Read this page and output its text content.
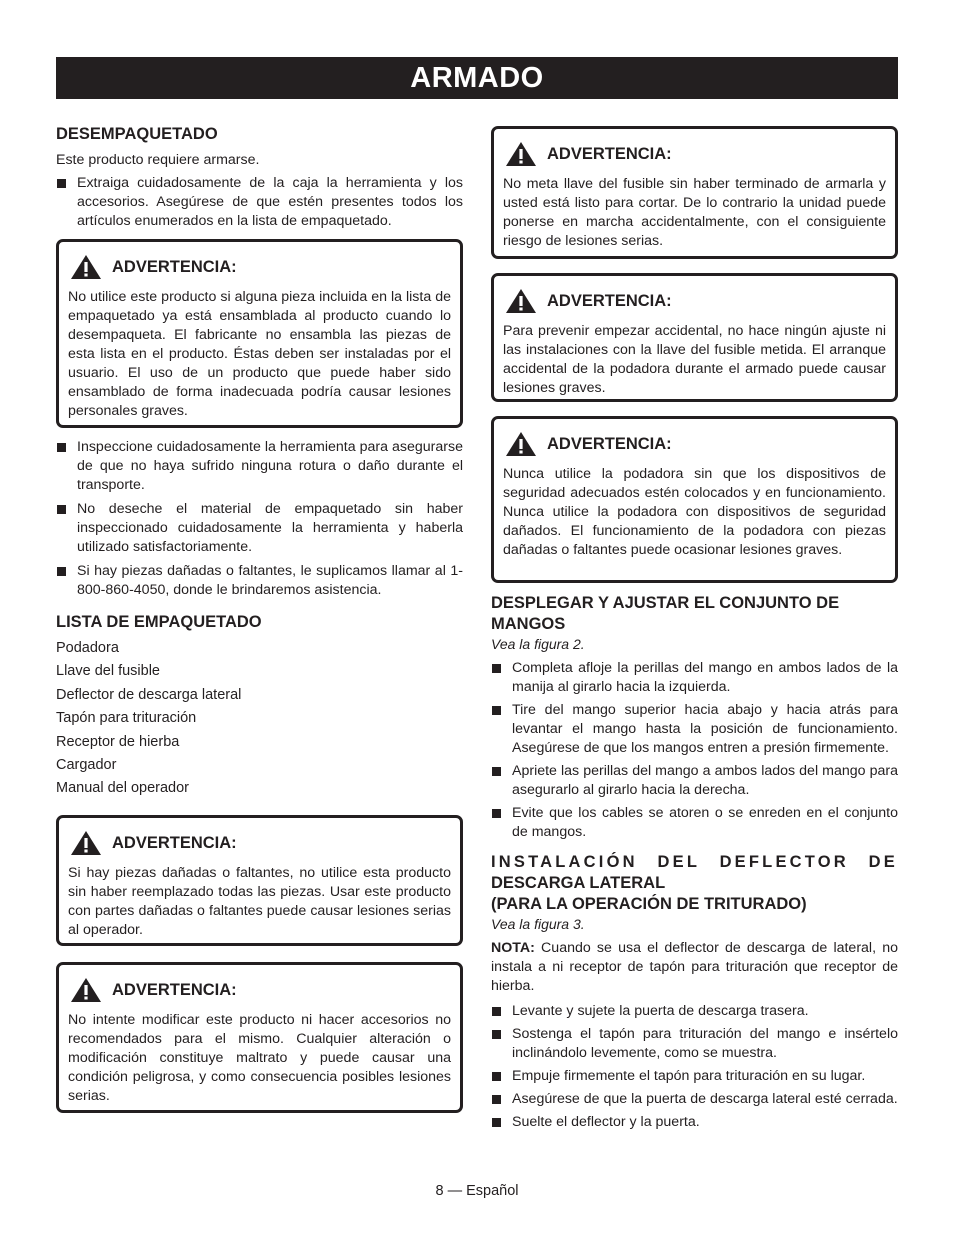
ARMADO
DESEMPAQUETADO

Este producto requiere armarse.

Extraiga cuidadosamente de la caja la herramienta y los accesorios. Asegúrese de que estén presentes todos los artículos enumerados en la lista de empaquetado.
ADVERTENCIA:

No utilice este producto si alguna pieza incluida en la lista de empaquetado ya está ensamblada al producto cuando lo desempaqueta. El fabricante no ensambla las piezas de esta lista en el producto. Éstas deben ser instaladas por el usuario. El uso de un producto que puede haber sido ensamblado de forma inadecuada podría causar lesiones personales graves.

Inspeccione cuidadosamente la herramienta para asegurarse de que no haya sufrido ninguna rotura o daño durante el transporte.
No deseche el material de empaquetado sin haber inspeccionado cuidadosamente la herramienta y haberla utilizado satisfactoriamente.
Si hay piezas dañadas o faltantes, le suplicamos llamar al 1-800-860-4050, donde le brindaremos asistencia.
LISTA DE EMPAQUETADO
Podadora
Llave del fusible
Deflector de descarga lateral
Tapón para trituración
Receptor de hierba
Cargador
Manual del operador
ADVERTENCIA:

Si hay piezas dañadas o faltantes, no utilice esta producto sin haber reemplazado todas las piezas. Usar este producto con partes dañadas o faltantes puede causar lesiones serias al operador.

ADVERTENCIA:

No intente modificar este producto ni hacer accesorios no recomendados para el mismo. Cualquier alteración o modificación constituye maltrato y puede causar una condición peligrosa, y como consecuencia posibles lesiones serias.

ADVERTENCIA:

No meta llave del fusible sin haber terminado de armarla y usted está listo para cortar. De lo contrario la unidad puede ponerse en marcha accidentalmente, con el consiguiente riesgo de lesiones serias.

ADVERTENCIA:

Para prevenir empezar accidental, no hace ningún ajuste ni las instalaciones con la llave del fusible metida. El arranque accidental de la podadora durante el armado puede causar lesiones graves.

ADVERTENCIA:

Nunca utilice la podadora sin que los dispositivos de seguridad adecuados estén colocados y en funcionamiento. Nunca utilice la podadora con dispositivos de seguridad dañados. El funcionamiento de la podadora con piezas dañadas o faltantes puede ocasionar lesiones graves.

DESPLEGAR Y AJUSTAR EL CONJUNTO DE MANGOS
Vea la figura 2.
Completa afloje la perillas del mango en ambos lados de la manija al girarlo hacia la izquierda.
Tire del mango superior hacia abajo y hacia atrás para levantar el mango hasta la posición de funcionamiento. Asegúrese de que los mangos entren a presión firmemente.
Apriete las perillas del mango a ambos lados del mango para asegurarlo al girarlo hacia la derecha.
Evite que los cables se atoren o se enreden en el conjunto de mangos.
INSTALACIÓN DEL DEFLECTOR DE
DESCARGA LATERAL
(PARA LA OPERACIÓN DE TRITURADO)
Vea la figura 3.

NOTA: Cuando se usa el deflector de descarga de lateral, no instala a ni receptor de tapón para trituración que receptor de hierba.

Levante y sujete la puerta de descarga trasera.
Sostenga el tapón para trituración del mango e insértelo inclinándolo levemente, como se muestra.
Empuje firmemente el tapón para trituración en su lugar.
Asegúrese de que la puerta de descarga lateral esté cerrada.
Suelte el deflector y la puerta.
8 — Español
